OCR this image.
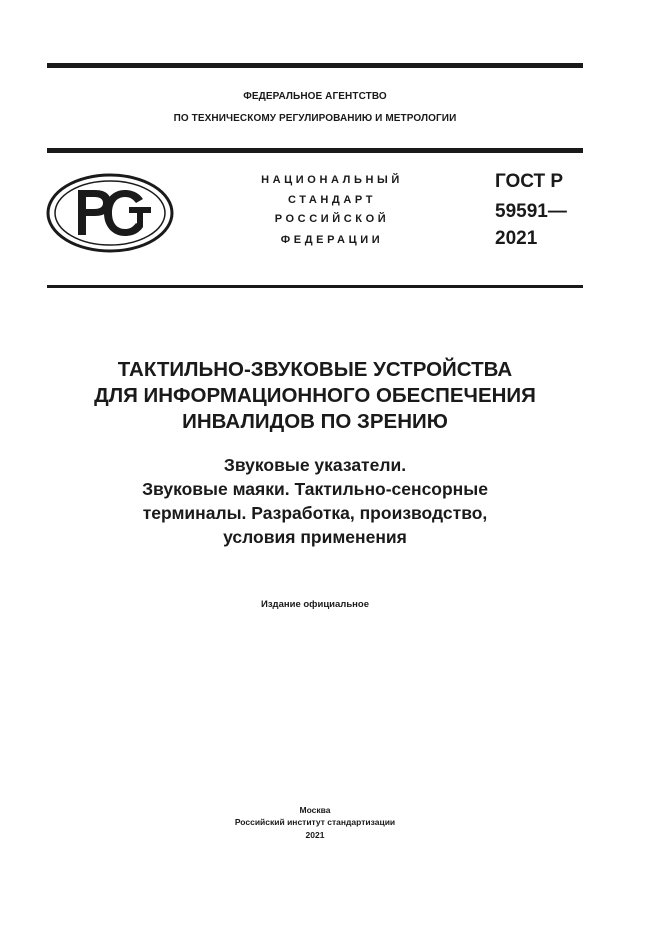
ФЕДЕРАЛЬНОЕ АГЕНТСТВО
ПО ТЕХНИЧЕСКОМУ РЕГУЛИРОВАНИЮ И МЕТРОЛОГИИ
НАЦИОНАЛЬНЫЙ
СТАНДАРТ
РОССИЙСКОЙ
ФЕДЕРАЦИИ
ГОСТ Р
59591—
2021
ТАКТИЛЬНО-ЗВУКОВЫЕ УСТРОЙСТВА
ДЛЯ ИНФОРМАЦИОННОГО ОБЕСПЕЧЕНИЯ
ИНВАЛИДОВ ПО ЗРЕНИЮ
Звуковые указатели.
Звуковые маяки. Тактильно-сенсорные
терминалы. Разработка, производство,
условия применения
Издание официальное
Москва
Российский институт стандартизации
2021
